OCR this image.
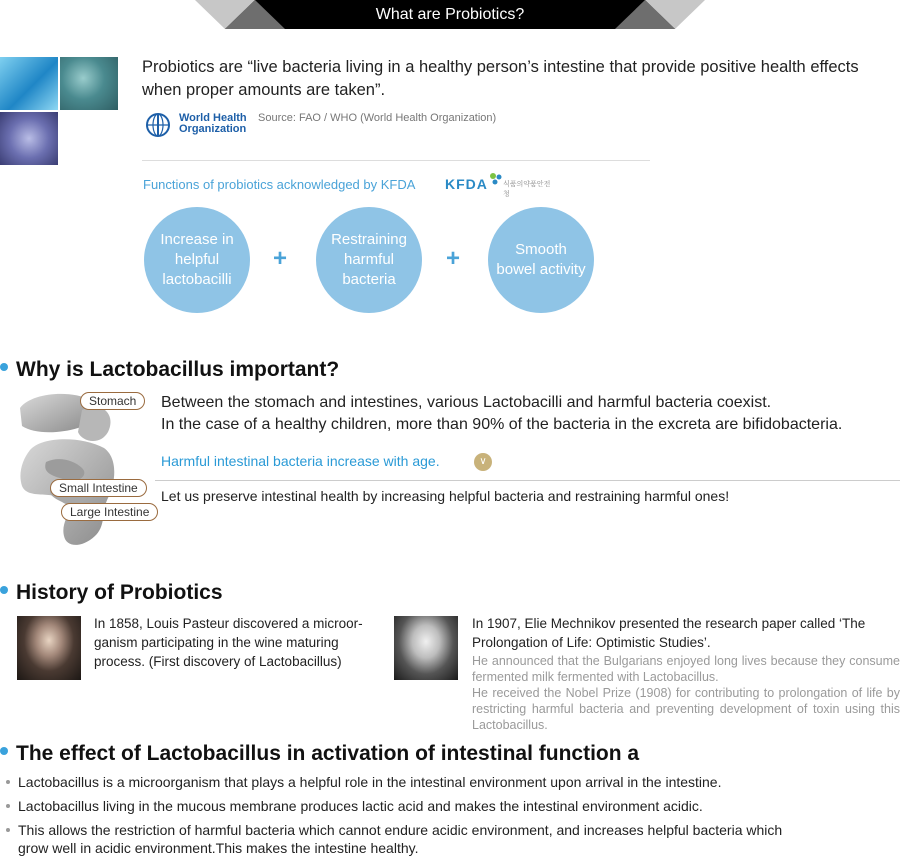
What are Probiotics?

Probiotics are “live bacteria living in a healthy person’s intestine that provide positive health effects when proper amounts are taken”.

World Health
Organization
Source: FAO / WHO (World Health Organization)
Functions of probiotics acknowledged by KFDA KFDA 식품의약품안전청
Increase in helpful lactobacilli
+
Restraining harmful bacteria
+	Smooth bowel activity
Why is Lactobacillus important?
Stomach
Small Intestine
Large Intestine
Between the stomach and intestines, various Lactobacilli and harmful bacteria coexist.
In the case of a healthy children, more than 90% of the bacteria in the excreta are bifidobacteria.
Harmful intestinal bacteria increase with age.	∨
Let us preserve intestinal health by increasing helpful bacteria and restraining harmful ones!
History of Probiotics

In 1858, Louis Pasteur discovered a microor-ganism participating in the wine maturing process. (First discovery of Lactobacillus)

In 1907, Elie Mechnikov presented the research paper called ‘The Prolongation of Life: Optimistic Studies’.

He announced that the Bulgarians enjoyed long lives because they consume fermented milk fermented with Lactobacillus.

He received the Nobel Prize (1908) for contributing to prolongation of life by restricting harmful bacteria and preventing development of toxin using this Lactobacillus.

The effect of Lactobacillus in activation of intestinal function a
Lactobacillus is a microorganism that plays a helpful role in the intestinal environment upon arrival in the intestine.
Lactobacillus living in the mucous membrane produces lactic acid and makes the intestinal environment acidic.
This allows the restriction of harmful bacteria which cannot endure acidic environment, and increases helpful bacteria which grow well in acidic environment.This makes the intestine healthy.
